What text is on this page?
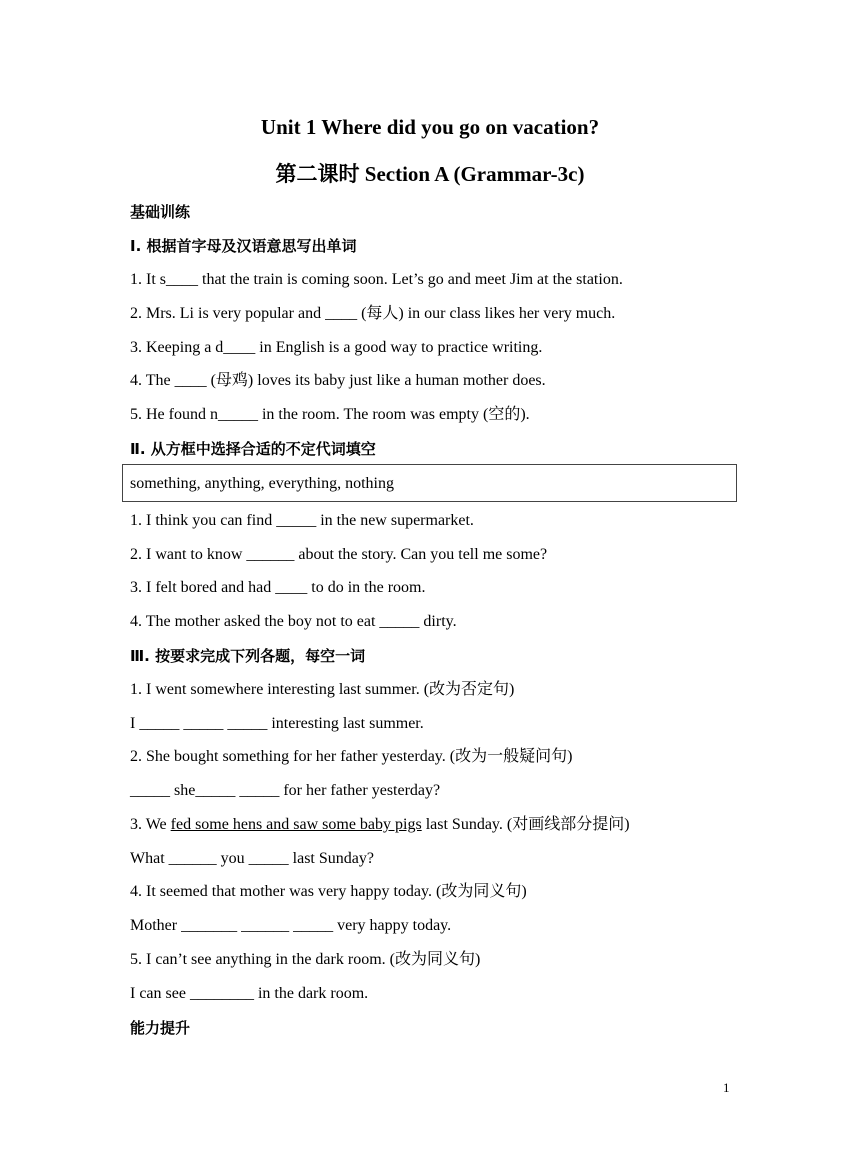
Unit 1 Where did you go on vacation?
第二课时 Section A (Grammar-3c)
基础训练
Ⅰ. 根据首字母及汉语意思写出单词
1. It s____ that the train is coming soon. Let’s go and meet Jim at the station.
2. Mrs. Li is very popular and ____ (每人) in our class likes her very much.
3. Keeping a d____ in English is a good way to practice writing.
4. The ____ (母鸡) loves its baby just like a human mother does.
5. He found n_____ in the room. The room was empty (空的).
Ⅱ. 从方框中选择合适的不定代词填空
something, anything, everything, nothing
1. I think you can find _____ in the new supermarket.
2. I want to know ______ about the story. Can you tell me some?
3. I felt bored and had ____ to do in the room.
4. The mother asked the boy not to eat _____ dirty.
Ⅲ. 按要求完成下列各题，每空一词
1. I went somewhere interesting last summer. (改为否定句)
I _____ _____ _____ interesting last summer.
2. She bought something for her father yesterday. (改为一般疑问句)
_____ she_____ _____ for her father yesterday?
3. We fed some hens and saw some baby pigs last Sunday. (对画线部分提问)
What ______ you _____ last Sunday?
4. It seemed that mother was very happy today. (改为同义句)
Mother _______ ______ _____ very happy today.
5. I can’t see anything in the dark room. (改为同义句)
I can see ________ in the dark room.
能力提升
1
